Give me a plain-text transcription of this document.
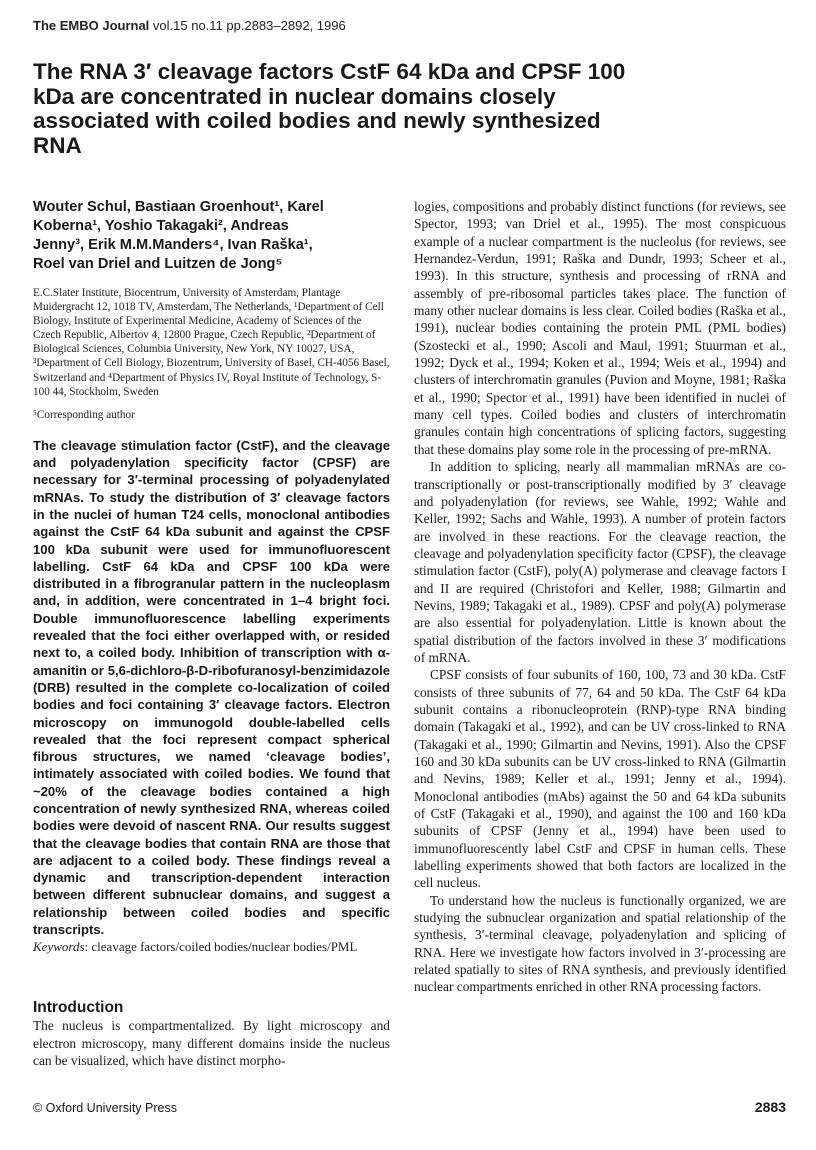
The EMBO Journal vol.15 no.11 pp.2883–2892, 1996
The RNA 3′ cleavage factors CstF 64 kDa and CPSF 100 kDa are concentrated in nuclear domains closely associated with coiled bodies and newly synthesized RNA

Wouter Schul, Bastiaan Groenhout¹, Karel Koberna¹, Yoshio Takagaki², Andreas Jenny³, Erik M.M.Manders⁴, Ivan Raška¹, Roel van Driel and Luitzen de Jong⁵

E.C.Slater Institute, Biocentrum, University of Amsterdam, Plantage Muidergracht 12, 1018 TV, Amsterdam, The Netherlands, ¹Department of Cell Biology, Institute of Experimental Medicine, Academy of Sciences of the Czech Republic, Albertov 4, 12800 Prague, Czech Republic, ²Department of Biological Sciences, Columbia University, New York, NY 10027, USA, ³Department of Cell Biology, Biozentrum, University of Basel, CH-4056 Basel, Switzerland and ⁴Department of Physics IV, Royal Institute of Technology, S-100 44, Stockholm, Sweden

⁵Corresponding author

The cleavage stimulation factor (CstF), and the cleavage and polyadenylation specificity factor (CPSF) are necessary for 3′-terminal processing of polyadenylated mRNAs. To study the distribution of 3′ cleavage factors in the nuclei of human T24 cells, monoclonal antibodies against the CstF 64 kDa subunit and against the CPSF 100 kDa subunit were used for immunofluorescent labelling. CstF 64 kDa and CPSF 100 kDa were distributed in a fibrogranular pattern in the nucleoplasm and, in addition, were concentrated in 1–4 bright foci. Double immunofluorescence labelling experiments revealed that the foci either overlapped with, or resided next to, a coiled body. Inhibition of transcription with α-amanitin or 5,6-dichloro-β-D-ribofuranosyl-benzimidazole (DRB) resulted in the complete co-localization of coiled bodies and foci containing 3′ cleavage factors. Electron microscopy on immunogold double-labelled cells revealed that the foci represent compact spherical fibrous structures, we named ‘cleavage bodies’, intimately associated with coiled bodies. We found that ~20% of the cleavage bodies contained a high concentration of newly synthesized RNA, whereas coiled bodies were devoid of nascent RNA. Our results suggest that the cleavage bodies that contain RNA are those that are adjacent to a coiled body. These findings reveal a dynamic and transcription-dependent interaction between different subnuclear domains, and suggest a relationship between coiled bodies and specific transcripts.

Keywords: cleavage factors/coiled bodies/nuclear bodies/PML

Introduction

The nucleus is compartmentalized. By light microscopy and electron microscopy, many different domains inside the nucleus can be visualized, which have distinct morpho-

logies, compositions and probably distinct functions (for reviews, see Spector, 1993; van Driel et al., 1995). The most conspicuous example of a nuclear compartment is the nucleolus (for reviews, see Hernandez-Verdun, 1991; Raška and Dundr, 1993; Scheer et al., 1993). In this structure, synthesis and processing of rRNA and assembly of pre-ribosomal particles takes place. The function of many other nuclear domains is less clear. Coiled bodies (Raška et al., 1991), nuclear bodies containing the protein PML (PML bodies) (Szostecki et al., 1990; Ascoli and Maul, 1991; Stuurman et al., 1992; Dyck et al., 1994; Koken et al., 1994; Weis et al., 1994) and clusters of interchromatin granules (Puvion and Moyne, 1981; Raška et al., 1990; Spector et al., 1991) have been identified in nuclei of many cell types. Coiled bodies and clusters of interchromatin granules contain high concentrations of splicing factors, suggesting that these domains play some role in the processing of pre-mRNA.

In addition to splicing, nearly all mammalian mRNAs are co-transcriptionally or post-transcriptionally modified by 3′ cleavage and polyadenylation (for reviews, see Wahle, 1992; Wahle and Keller, 1992; Sachs and Wahle, 1993). A number of protein factors are involved in these reactions. For the cleavage reaction, the cleavage and polyadenylation specificity factor (CPSF), the cleavage stimulation factor (CstF), poly(A) polymerase and cleavage factors I and II are required (Christofori and Keller, 1988; Gilmartin and Nevins, 1989; Takagaki et al., 1989). CPSF and poly(A) polymerase are also essential for polyadenylation. Little is known about the spatial distribution of the factors involved in these 3′ modifications of mRNA.

CPSF consists of four subunits of 160, 100, 73 and 30 kDa. CstF consists of three subunits of 77, 64 and 50 kDa. The CstF 64 kDa subunit contains a ribonucleoprotein (RNP)-type RNA binding domain (Takagaki et al., 1992), and can be UV cross-linked to RNA (Takagaki et al., 1990; Gilmartin and Nevins, 1991). Also the CPSF 160 and 30 kDa subunits can be UV cross-linked to RNA (Gilmartin and Nevins, 1989; Keller et al., 1991; Jenny et al., 1994). Monoclonal antibodies (mAbs) against the 50 and 64 kDa subunits of CstF (Takagaki et al., 1990), and against the 100 and 160 kDa subunits of CPSF (Jenny et al., 1994) have been used to immunofluorescently label CstF and CPSF in human cells. These labelling experiments showed that both factors are localized in the cell nucleus.

To understand how the nucleus is functionally organized, we are studying the subnuclear organization and spatial relationship of the synthesis, 3′-terminal cleavage, polyadenylation and splicing of RNA. Here we investigate how factors involved in 3′-processing are related spatially to sites of RNA synthesis, and previously identified nuclear compartments enriched in other RNA processing factors.

© Oxford University Press	2883
